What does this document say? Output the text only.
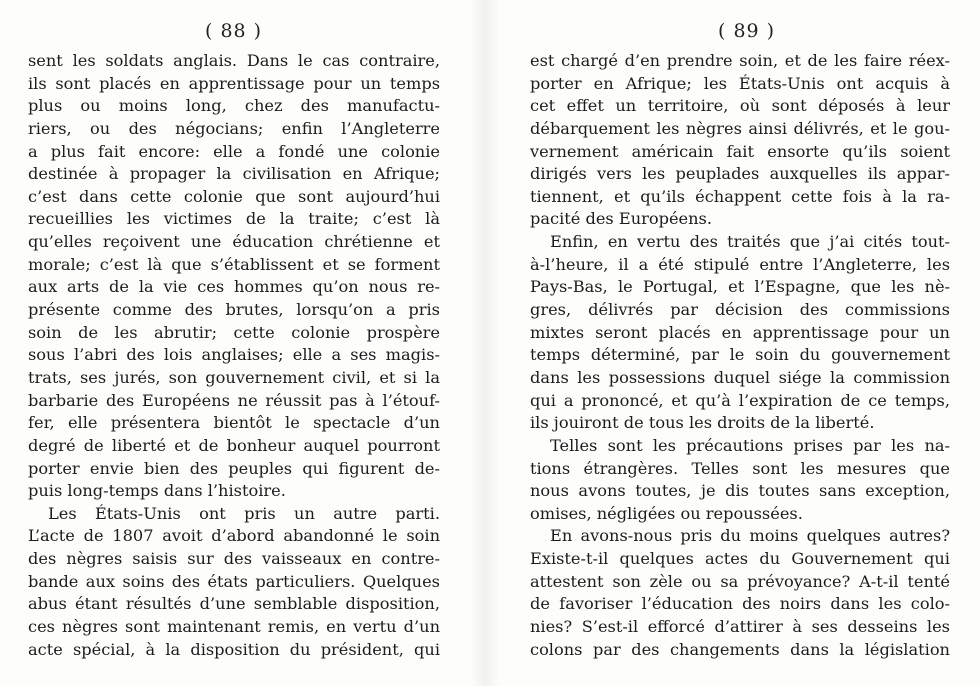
( 88 )
sent les soldats anglais. Dans le cas contraire,
ils sont placés en apprentissage pour un temps
plus ou moins long, chez des manufactu-
riers, ou des négocians; enfin l’Angleterre
a plus fait encore: elle a fondé une colonie
destinée à propager la civilisation en Afrique;
c’est dans cette colonie que sont aujourd’hui
recueillies les victimes de la traite; c’est là
qu’elles reçoivent une éducation chrétienne et
morale; c’est là que s’établissent et se forment
aux arts de la vie ces hommes qu’on nous re-
présente comme des brutes, lorsqu’on a pris
soin de les abrutir; cette colonie prospère
sous l’abri des lois anglaises; elle a ses magis-
trats, ses jurés, son gouvernement civil, et si la
barbarie des Européens ne réussit pas à l’étouf-
fer, elle présentera bientôt le spectacle d’un
degré de liberté et de bonheur auquel pourront
porter envie bien des peuples qui figurent de-
puis long-temps dans l’histoire.
Les États-Unis ont pris un autre parti.
L’acte de 1807 avoit d’abord abandonné le soin
des nègres saisis sur des vaisseaux en contre-
bande aux soins des états particuliers. Quelques
abus étant résultés d’une semblable disposition,
ces nègres sont maintenant remis, en vertu d’un
acte spécial, à la disposition du président, qui
( 89 )
est chargé d’en prendre soin, et de les faire réex-
porter en Afrique; les États-Unis ont acquis à
cet effet un territoire, où sont déposés à leur
débarquement les nègres ainsi délivrés, et le gou-
vernement américain fait ensorte qu’ils soient
dirigés vers les peuplades auxquelles ils appar-
tiennent, et qu’ils échappent cette fois à la ra-
pacité des Européens.
Enfin, en vertu des traités que j’ai cités tout-
à-l’heure, il a été stipulé entre l’Angleterre, les
Pays-Bas, le Portugal, et l’Espagne, que les nè-
gres, délivrés par décision des commissions
mixtes seront placés en apprentissage pour un
temps déterminé, par le soin du gouvernement
dans les possessions duquel siége la commission
qui a prononcé, et qu’à l’expiration de ce temps,
ils jouiront de tous les droits de la liberté.
Telles sont les précautions prises par les na-
tions étrangères. Telles sont les mesures que
nous avons toutes, je dis toutes sans exception,
omises, négligées ou repoussées.
En avons-nous pris du moins quelques autres?
Existe-t-il quelques actes du Gouvernement qui
attestent son zèle ou sa prévoyance? A-t-il tenté
de favoriser l’éducation des noirs dans les colo-
nies? S’est-il efforcé d’attirer à ses desseins les
colons par des changements dans la législation
